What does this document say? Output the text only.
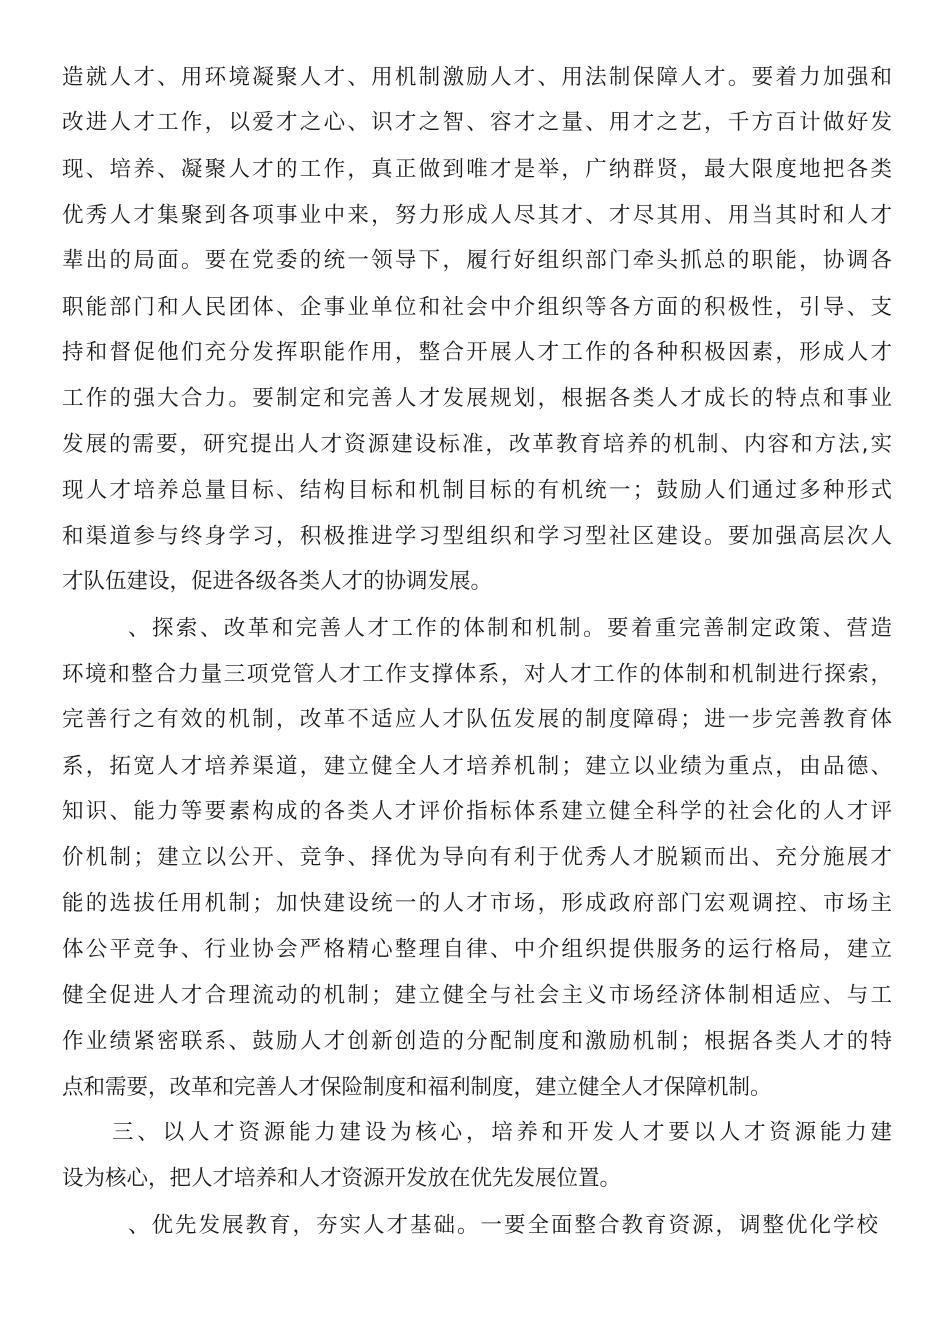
造就人才、用环境凝聚人才、用机制激励人才、用法制保障人才。要着力加强和
改进人才工作，以爱才之心、识才之智、容才之量、用才之艺，千方百计做好发
现、培养、凝聚人才的工作，真正做到唯才是举，广纳群贤，最大限度地把各类
优秀人才集聚到各项事业中来，努力形成人尽其才、才尽其用、用当其时和人才
辈出的局面。要在党委的统一领导下，履行好组织部门牵头抓总的职能，协调各
职能部门和人民团体、企事业单位和社会中介组织等各方面的积极性，引导、支
持和督促他们充分发挥职能作用，整合开展人才工作的各种积极因素，形成人才
工作的强大合力。要制定和完善人才发展规划，根据各类人才成长的特点和事业
发展的需要，研究提出人才资源建设标准，改革教育培养的机制、内容和方法,实
现人才培养总量目标、结构目标和机制目标的有机统一；鼓励人们通过多种形式
和渠道参与终身学习，积极推进学习型组织和学习型社区建设。要加强高层次人
才队伍建设，促进各级各类人才的协调发展。
、探索、改革和完善人才工作的体制和机制。要着重完善制定政策、营造
环境和整合力量三项党管人才工作支撑体系，对人才工作的体制和机制进行探索，
完善行之有效的机制，改革不适应人才队伍发展的制度障碍；进一步完善教育体
系，拓宽人才培养渠道，建立健全人才培养机制；建立以业绩为重点，由品德、
知识、能力等要素构成的各类人才评价指标体系建立健全科学的社会化的人才评
价机制；建立以公开、竞争、择优为导向有利于优秀人才脱颖而出、充分施展才
能的选拔任用机制；加快建设统一的人才市场，形成政府部门宏观调控、市场主
体公平竞争、行业协会严格精心整理自律、中介组织提供服务的运行格局，建立
健全促进人才合理流动的机制；建立健全与社会主义市场经济体制相适应、与工
作业绩紧密联系、鼓励人才创新创造的分配制度和激励机制；根据各类人才的特
点和需要，改革和完善人才保险制度和福利制度，建立健全人才保障机制。
三、以人才资源能力建设为核心，培养和开发人才要以人才资源能力建
设为核心，把人才培养和人才资源开发放在优先发展位置。
、优先发展教育，夯实人才基础。一要全面整合教育资源，调整优化学校
